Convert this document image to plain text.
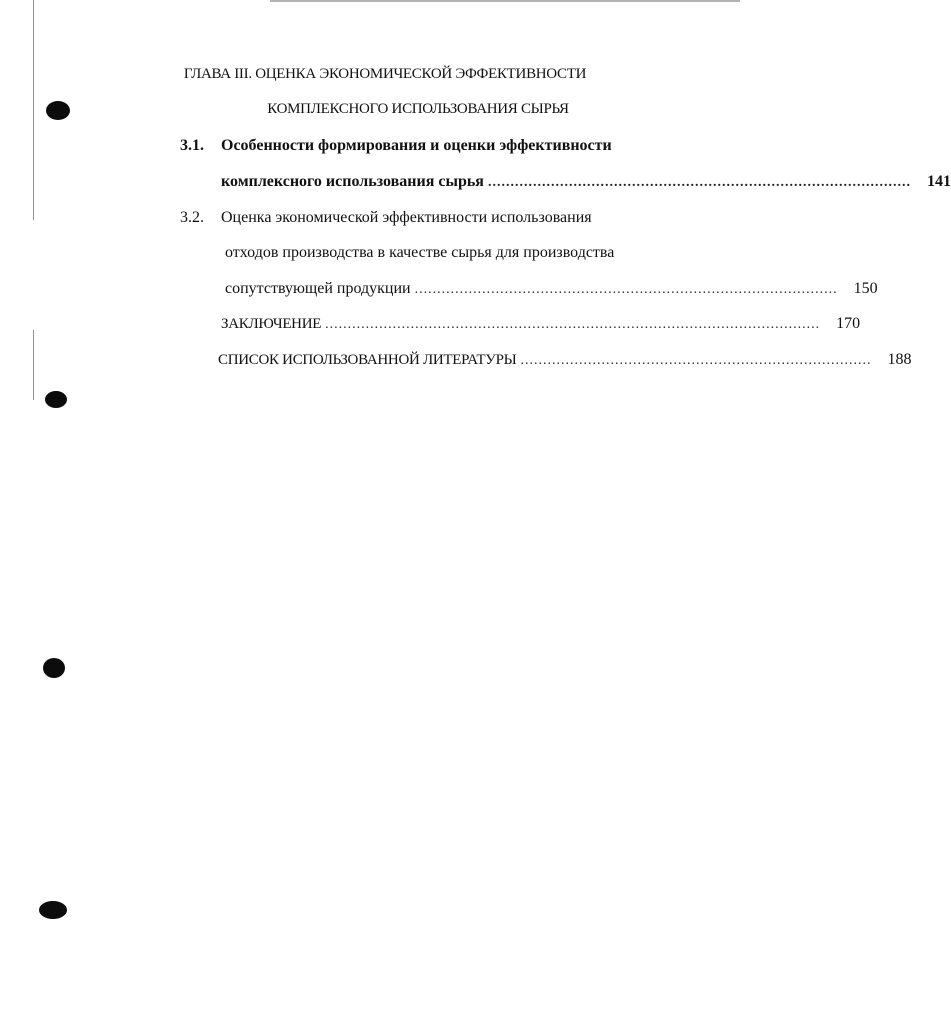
ГЛАВА III. ОЦЕНКА ЭКОНОМИЧЕСКОЙ ЭФФЕКТИВНОСТИ
КОМПЛЕКСНОГО ИСПОЛЬЗОВАНИЯ СЫРЬЯ
3.1. Особенности формирования и оценки эффективности
комплексного использования сырья ..............................................................................................	141
3.2. Оценка экономической эффективности использования
отходов производства в качестве сырья для производства
сопутствующей продукции ..............................................................................................	150
ЗАКЛЮЧЕНИЕ ..............................................................................................................	170
СПИСОК ИСПОЛЬЗОВАННОЙ ЛИТЕРАТУРЫ ..............................................................................	188
